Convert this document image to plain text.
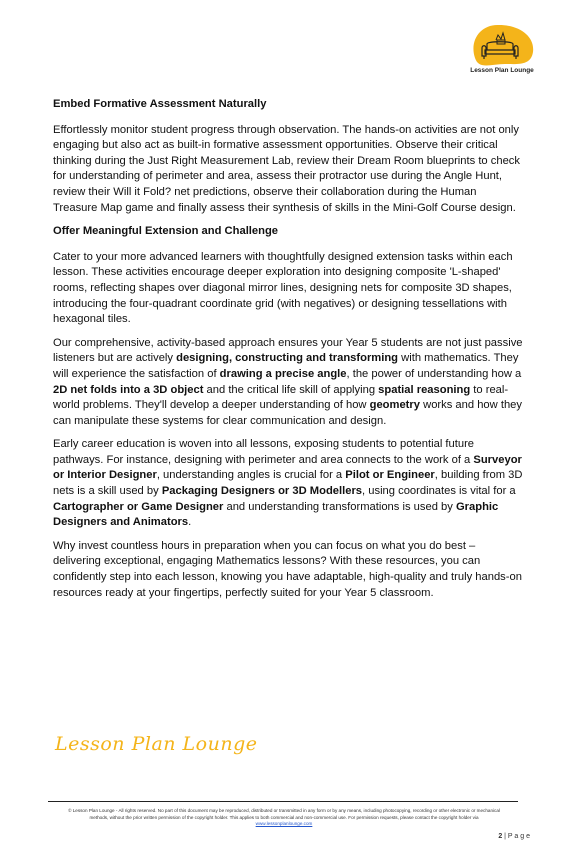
Lesson Plan Lounge
Embed Formative Assessment Naturally

Effortlessly monitor student progress through observation. The hands-on activities are not only engaging but also act as built-in formative assessment opportunities. Observe their critical thinking during the Just Right Measurement Lab, review their Dream Room blueprints to check for understanding of perimeter and area, assess their protractor use during the Angle Hunt, review their Will it Fold? net predictions, observe their collaboration during the Human Treasure Map game and finally assess their synthesis of skills in the Mini-Golf Course design.

Offer Meaningful Extension and Challenge

Cater to your more advanced learners with thoughtfully designed extension tasks within each lesson. These activities encourage deeper exploration into designing composite 'L-shaped' rooms, reflecting shapes over diagonal mirror lines, designing nets for composite 3D shapes, introducing the four-quadrant coordinate grid (with negatives) or designing tessellations with hexagonal tiles.

Our comprehensive, activity-based approach ensures your Year 5 students are not just passive listeners but are actively designing, constructing and transforming with mathematics. They will experience the satisfaction of drawing a precise angle, the power of understanding how a 2D net folds into a 3D object and the critical life skill of applying spatial reasoning to real-world problems. They'll develop a deeper understanding of how geometry works and how they can manipulate these systems for clear communication and design.

Early career education is woven into all lessons, exposing students to potential future pathways. For instance, designing with perimeter and area connects to the work of a Surveyor or Interior Designer, understanding angles is crucial for a Pilot or Engineer, building from 3D nets is a skill used by Packaging Designers or 3D Modellers, using coordinates is vital for a Cartographer or Game Designer and understanding transformations is used by Graphic Designers and Animators.

Why invest countless hours in preparation when you can focus on what you do best – delivering exceptional, engaging Mathematics lessons? With these resources, you can confidently step into each lesson, knowing you have adaptable, high-quality and truly hands-on resources ready at your fingertips, perfectly suited for your Year 5 classroom.

Lesson Plan Lounge
© Lesson Plan Lounge - All rights reserved. No part of this document may be reproduced, distributed or transmitted in any form or by any means, including photocopying, recording or other electronic or mechanical methods, without the prior written permission of the copyright holder. This applies to both commercial and non-commercial use. For permission requests, please contact the copyright holder via
www.lessonplanlounge.com
2 | P a g e
